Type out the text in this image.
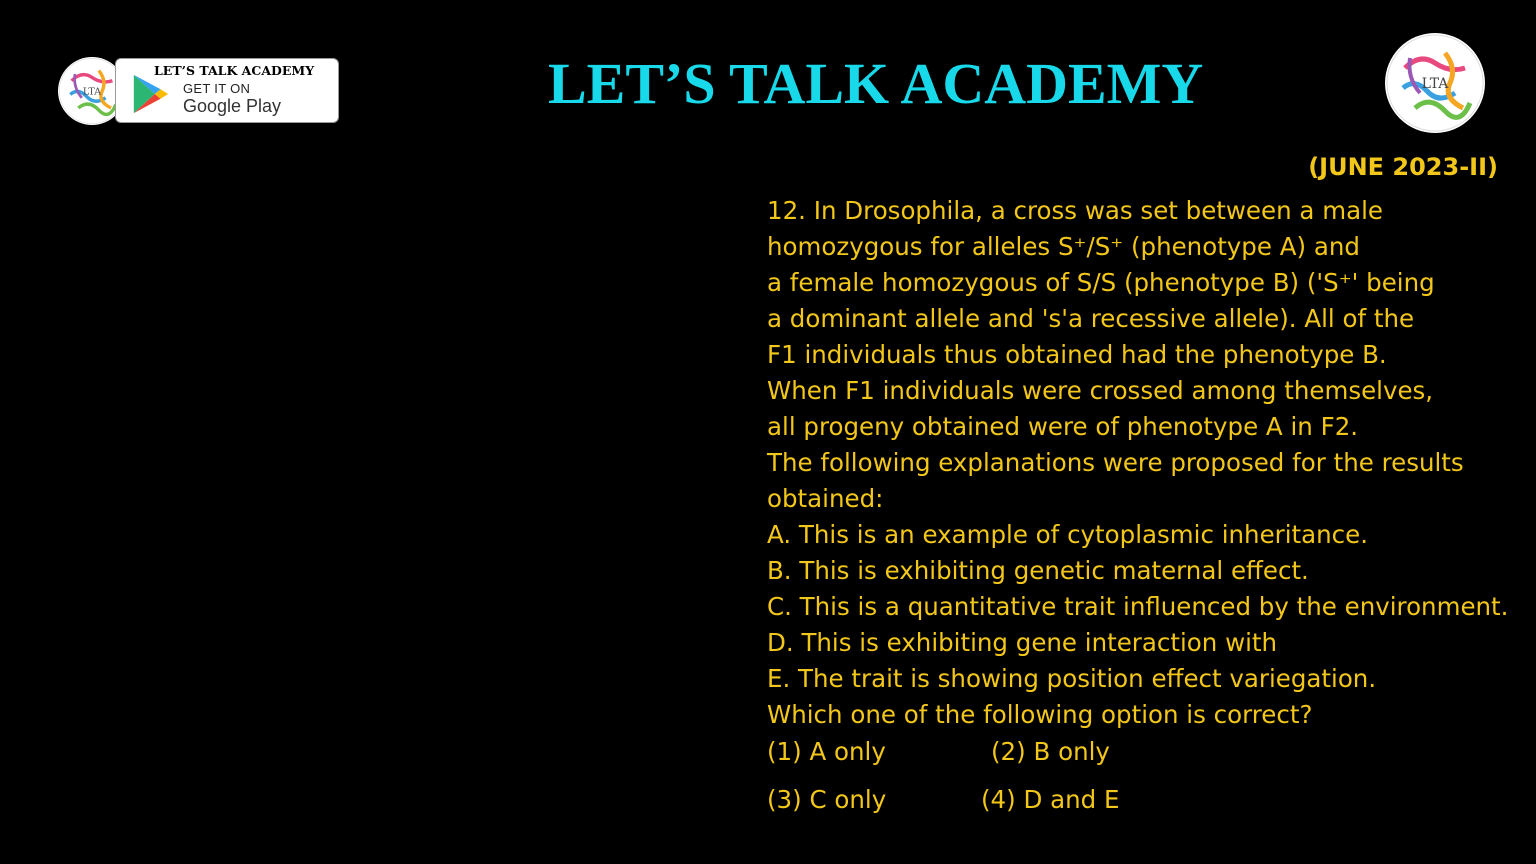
LTA
LET’S TALK ACADEMY
GET IT ON
Google Play	LET’S TALK ACADEMY	LTA
(JUNE 2023-II)
12. In Drosophila, a cross was set between a male
homozygous for alleles S⁺/S⁺ (phenotype A) and
a female homozygous of S/S (phenotype B) ('S⁺' being
a dominant allele and 's'a recessive allele). All of the
F1 individuals thus obtained had the phenotype B.
When F1 individuals were crossed among themselves,
all progeny obtained were of phenotype A in F2.
The following explanations were proposed for the results
obtained:
A. This is an example of cytoplasmic inheritance.
B. This is exhibiting genetic maternal effect.
C. This is a quantitative trait influenced by the environment.
D. This is exhibiting gene interaction with
E. The trait is showing position effect variegation.
Which one of the following option is correct?
(1) A only	(2) B only
(3) C only	(4) D and E
